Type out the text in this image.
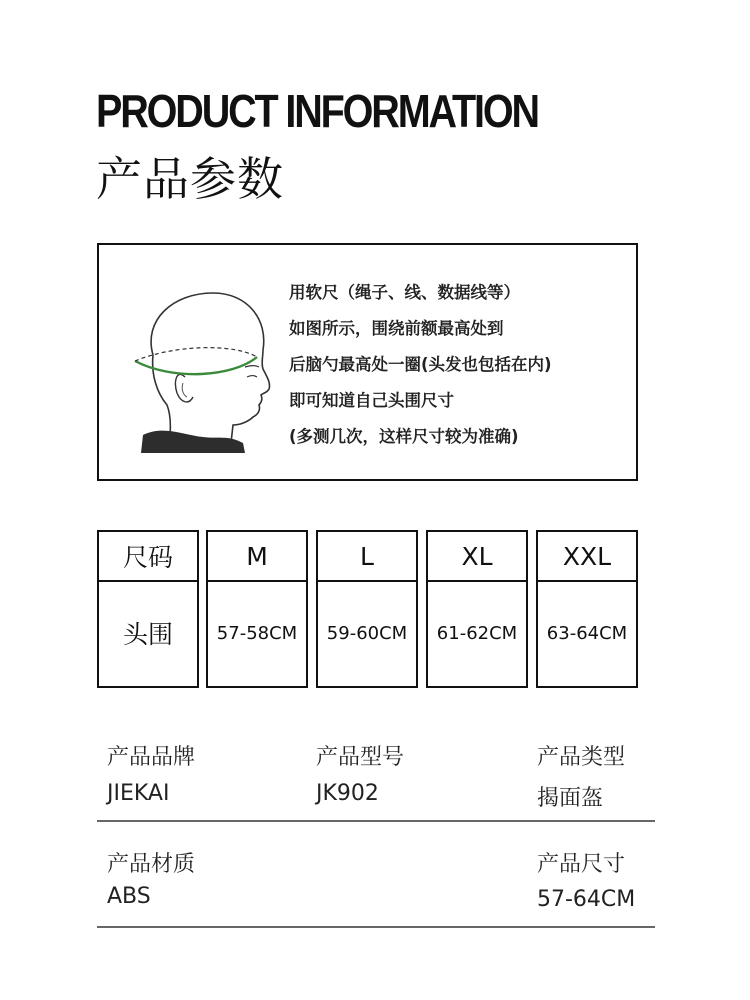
PRODUCT INFORMATION
产品参数
用软尺（绳子、线、数据线等）
如图所示，围绕前额最高处到
后脑勺最高处一圈(头发也包括在内)
即可知道自己头围尺寸
(多测几次，这样尺寸较为准确)
尺码
头围
M
57-58CM
L
59-60CM
XL
61-62CM
XXL
63-64CM
产品品牌
JIEKAI
产品型号
JK902
产品类型
揭面盔
产品材质
ABS
产品尺寸
57-64CM
